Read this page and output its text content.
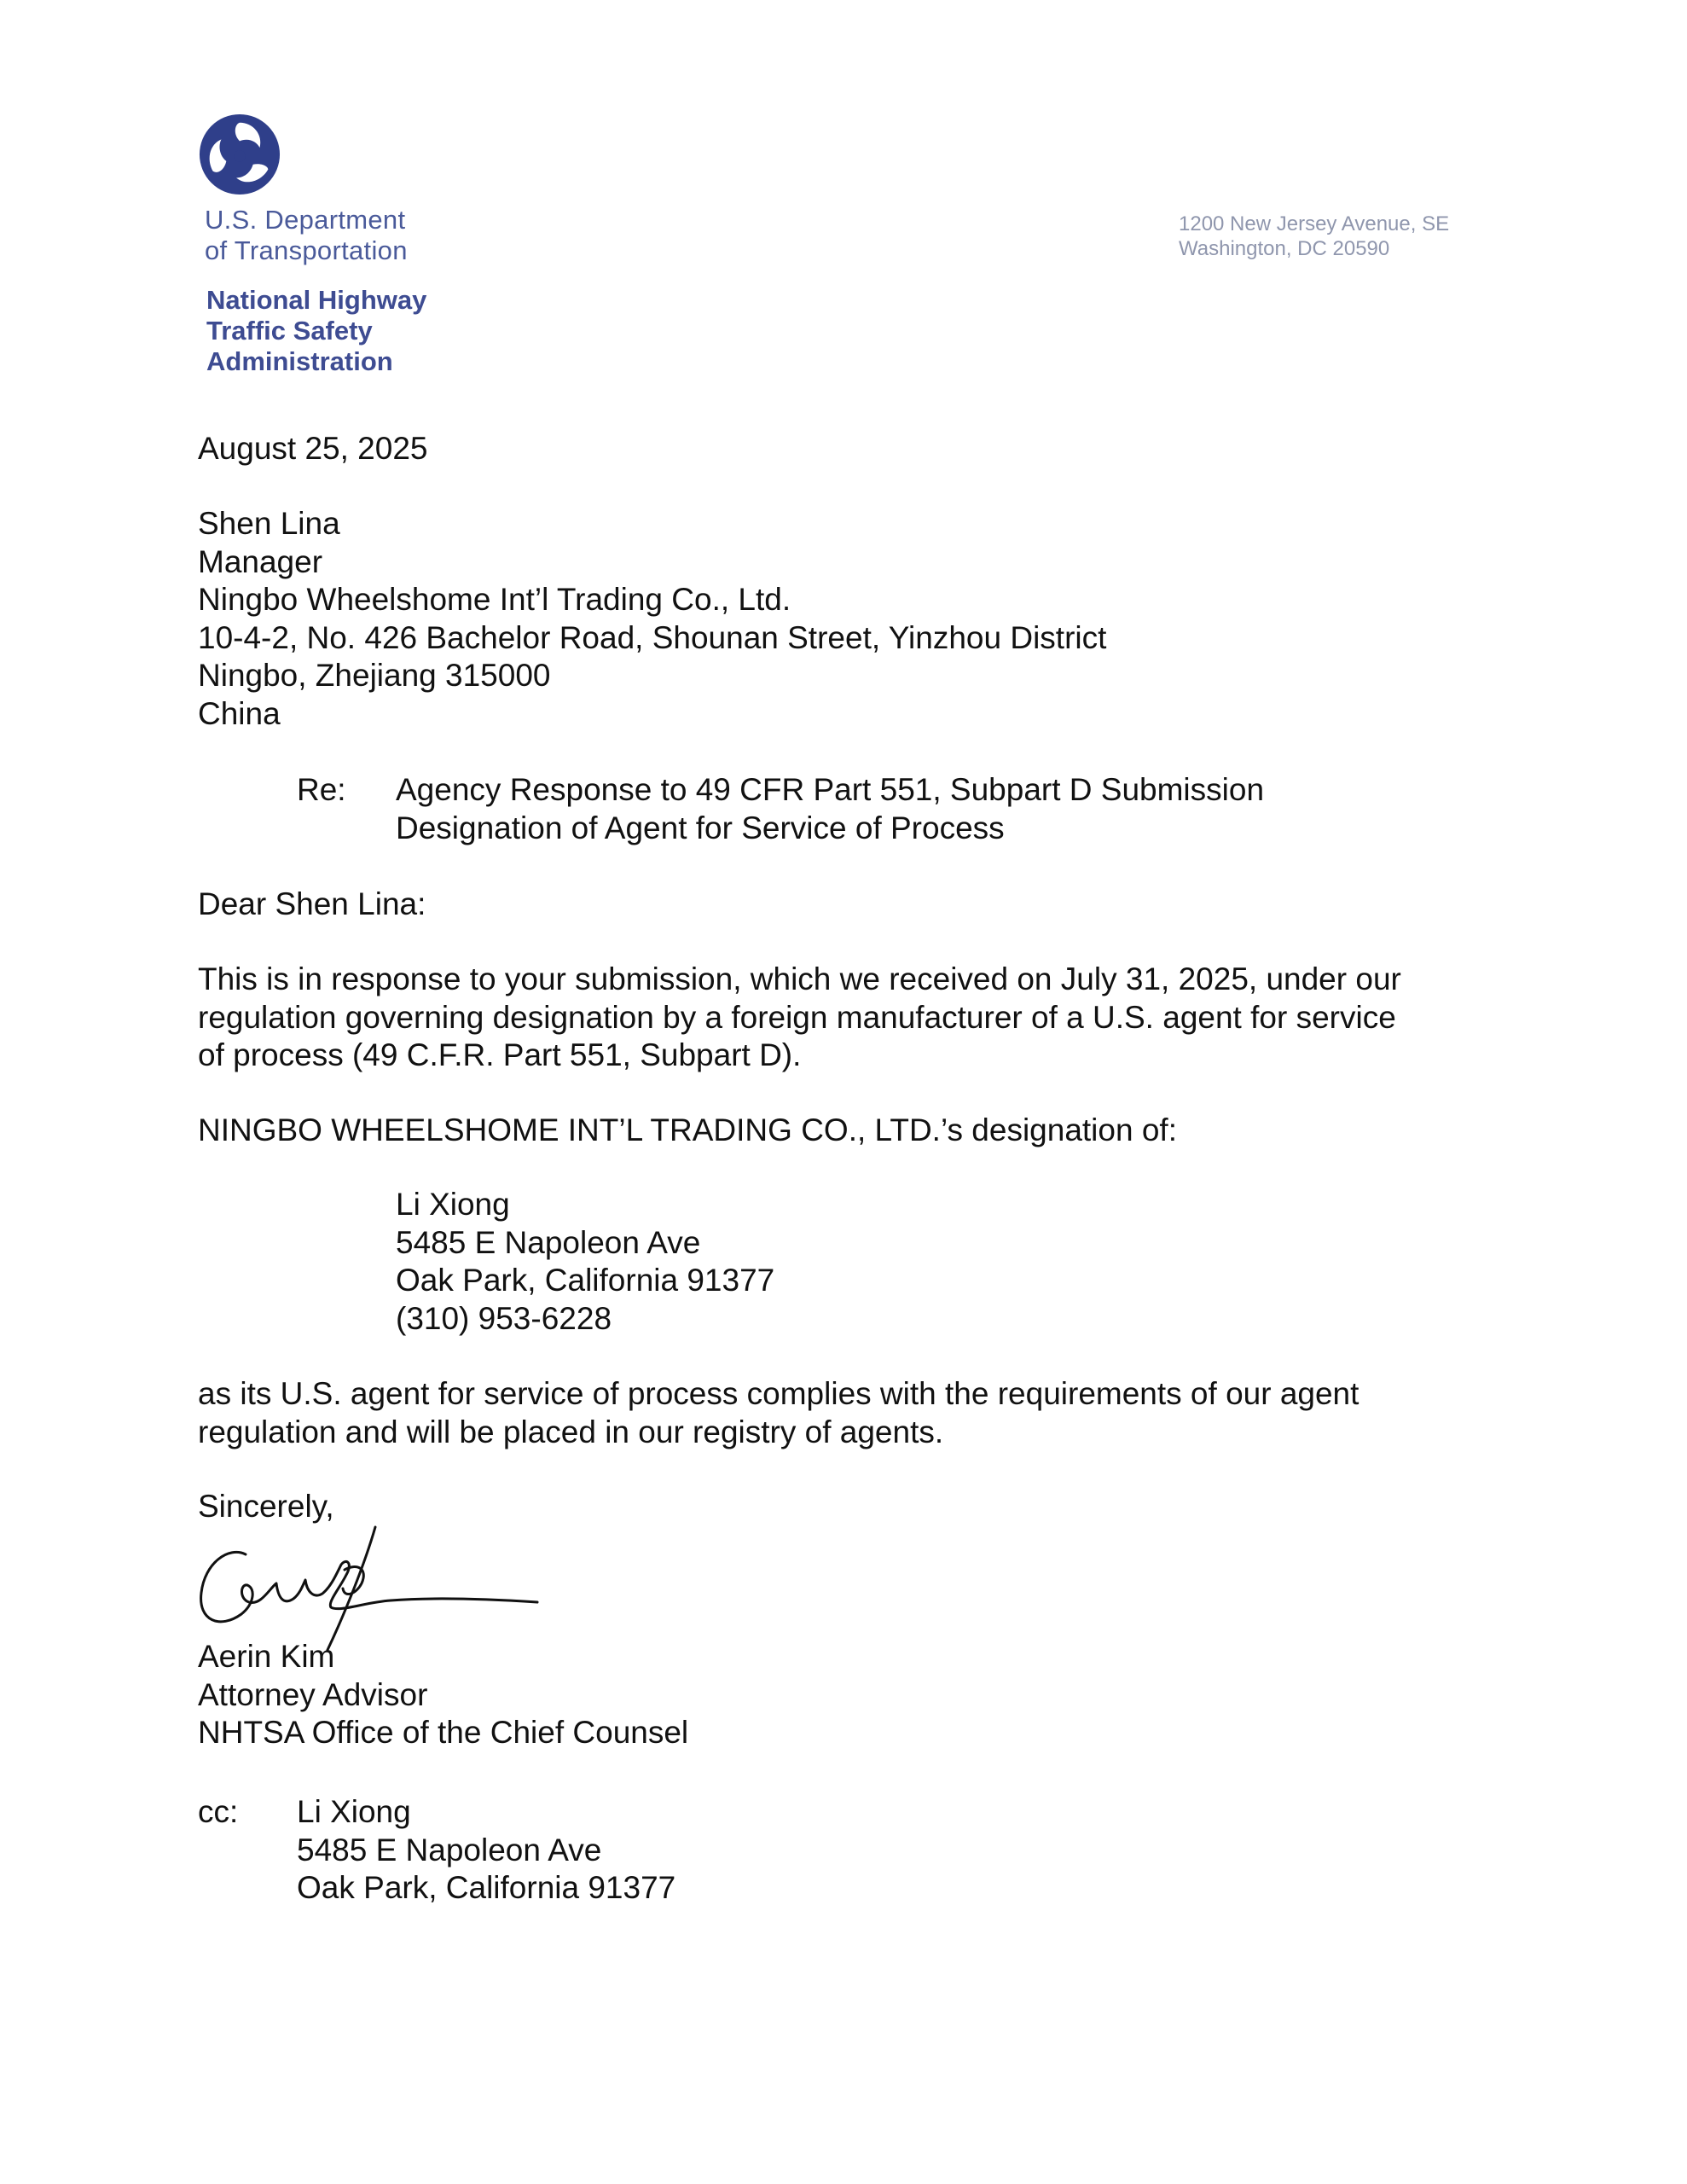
U.S. Department
of Transportation
National Highway
Traffic Safety
Administration
1200 New Jersey Avenue, SE
Washington, DC 20590
August 25, 2025
Shen Lina
Manager
Ningbo Wheelshome Int’l Trading Co., Ltd.
10-4-2, No. 426 Bachelor Road, Shounan Street, Yinzhou District
Ningbo, Zhejiang 315000
China
Re: Agency Response to 49 CFR Part 551, Subpart D Submission
Designation of Agent for Service of Process
Dear Shen Lina:
This is in response to your submission, which we received on July 31, 2025, under our
regulation governing designation by a foreign manufacturer of a U.S. agent for service
of process (49 C.F.R. Part 551, Subpart D).
NINGBO WHEELSHOME INT’L TRADING CO., LTD.’s designation of:
Li Xiong
5485 E Napoleon Ave
Oak Park, California 91377
(310) 953-6228
as its U.S. agent for service of process complies with the requirements of our agent
regulation and will be placed in our registry of agents.
Sincerely,
Aerin Kim
Attorney Advisor
NHTSA Office of the Chief Counsel
cc: Li Xiong
5485 E Napoleon Ave
Oak Park, California 91377
